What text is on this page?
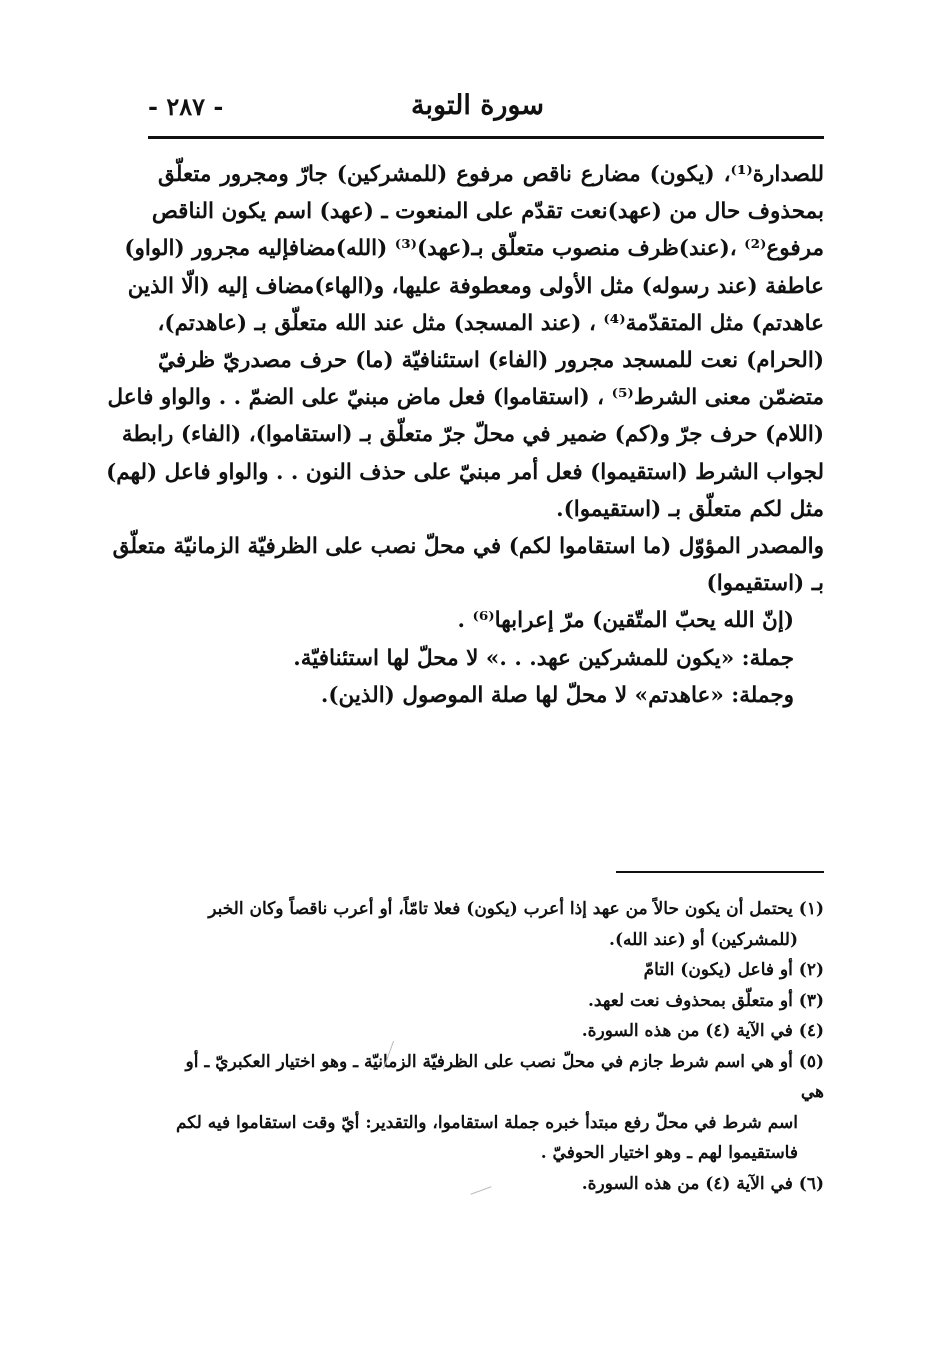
سورة التوبة
- ٢٨٧ -

للصدارة⁽¹⁾، (يكون) مضارع ناقص مرفوع (للمشركين) جارّ ومجرور متعلّق
بمحذوف حال من (عهد)نعت تقدّم على المنعوت ـ (عهد) اسم يكون الناقص
مرفوع⁽²⁾ ،(عند)ظرف منصوب متعلّق بـ(عهد)⁽³⁾ (الله)مضافإليه مجرور (الواو)
عاطفة (عند رسوله) مثل الأولى ومعطوفة عليها، و(الهاء)مضاف إليه (الّا الذين
عاهدتم) مثل المتقدّمة⁽⁴⁾ ، (عند المسجد) مثل عند الله متعلّق بـ (عاهدتم)،
(الحرام) نعت للمسجد مجرور (الفاء) استئنافيّة (ما) حرف مصدريّ ظرفيّ
متضمّن معنى الشرط⁽⁵⁾ ، (استقاموا) فعل ماض مبنيّ على الضمّ . . والواو فاعل
(اللام) حرف جرّ و(كم) ضمير في محلّ جرّ متعلّق بـ (استقاموا)، (الفاء) رابطة
لجواب الشرط (استقيموا) فعل أمر مبنيّ على حذف النون . . والواو فاعل (لهم)
مثل لكم متعلّق بـ (استقيموا).

والمصدر المؤوّل (ما استقاموا لكم) في محلّ نصب على الظرفيّة الزمانيّة متعلّق
بـ (استقيموا)

(إنّ الله يحبّ المتّقين) مرّ إعرابها⁽⁶⁾ .

جملة: «يكون للمشركين عهد. . .» لا محلّ لها استئنافيّة.

وجملة: «عاهدتم» لا محلّ لها صلة الموصول (الذين).

(١) يحتمل أن يكون حالاً من عهد إذا أعرب (يكون) فعلا تامّاً، أو أعرب ناقصاً وكان الخبر
(للمشركين) أو (عند الله).

(٢) أو فاعل (يكون) التامّ

(٣) أو متعلّق بمحذوف نعت لعهد.

(٤) في الآية (٤) من هذه السورة.

(٥) أو هي اسم شرط جازم في محلّ نصب على الظرفيّة الزمانيّة ـ وهو اختيار العكبريّ ـ أو هي
اسم شرط في محلّ رفع مبتدأ خبره جملة استقاموا، والتقدير: أيّ وقت استقاموا فيه لكم
فاستقيموا لهم ـ وهو اختيار الحوفيّ .

(٦) في الآية (٤) من هذه السورة.
